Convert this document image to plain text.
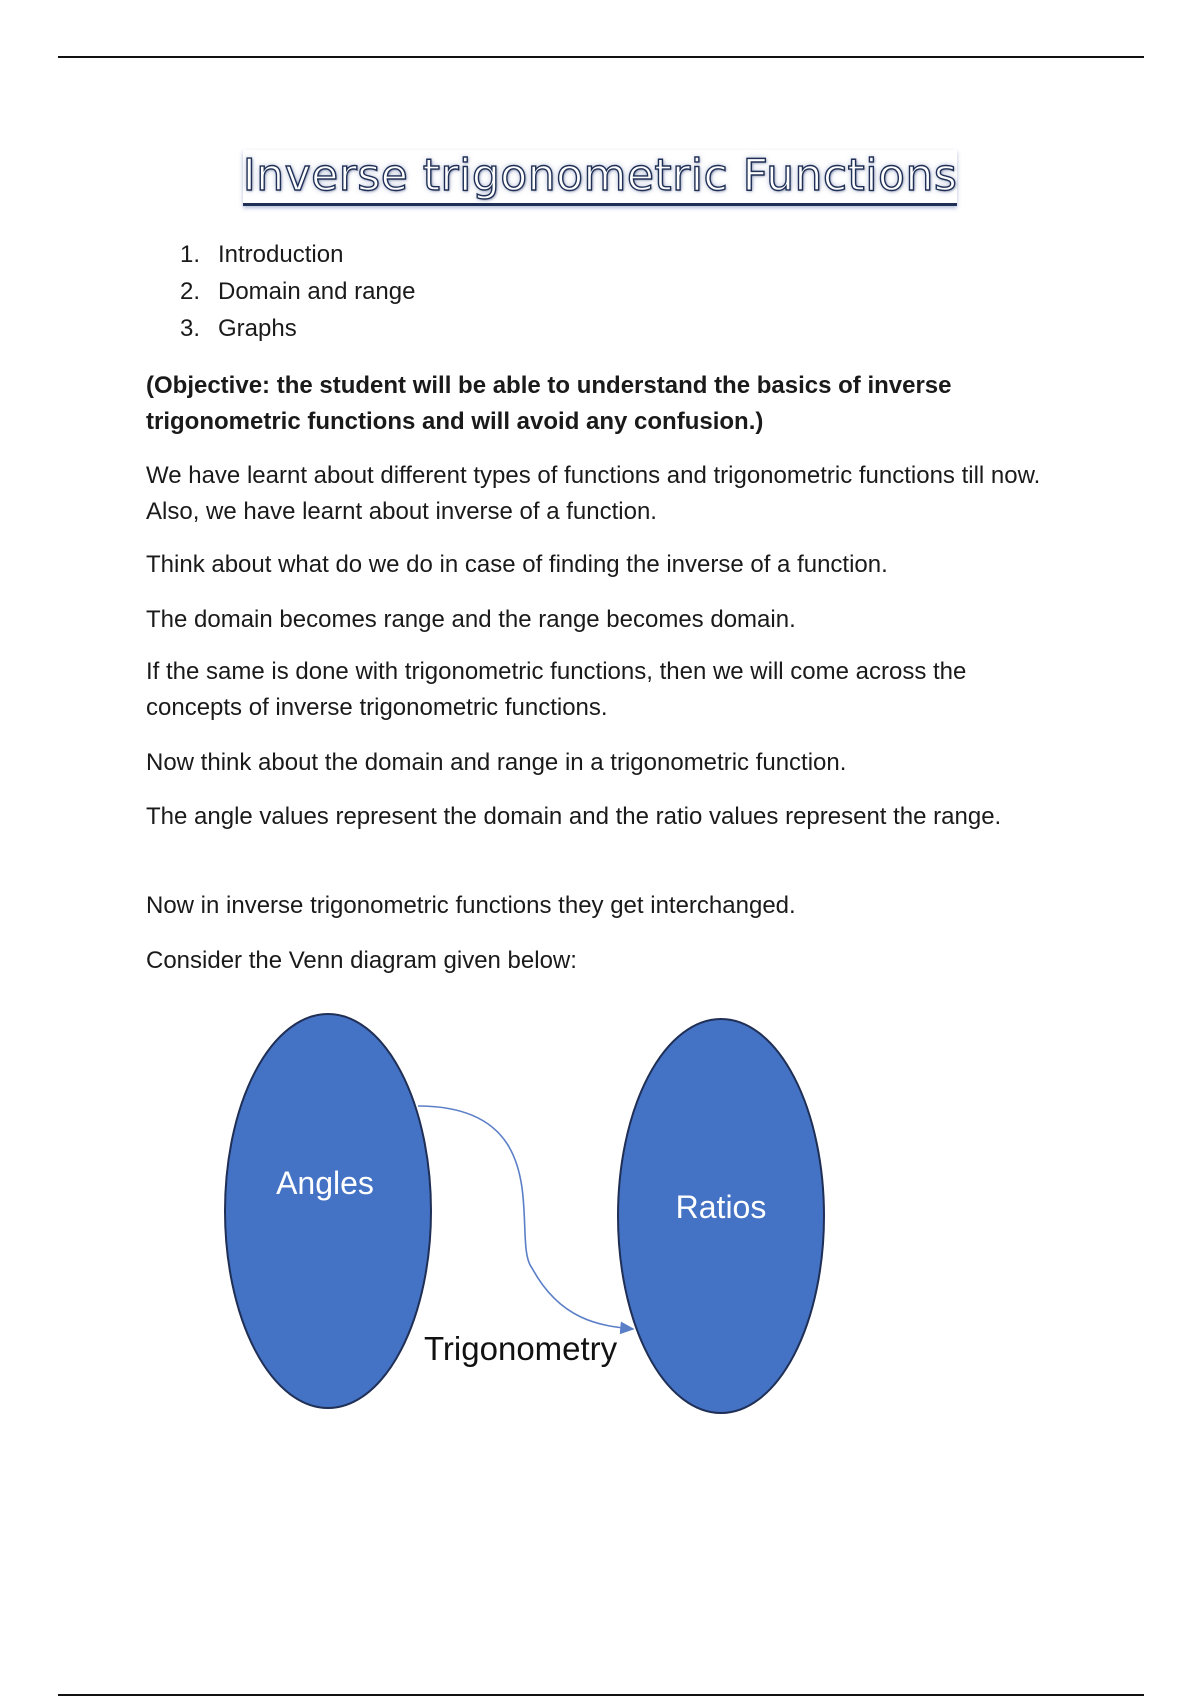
Inverse trigonometric Functions
1. Introduction
2. Domain and range
3. Graphs
(Objective: the student will be able to understand the basics of inverse trigonometric functions and will avoid any confusion.)
We have learnt about different types of functions and trigonometric functions till now. Also, we have learnt about inverse of a function.
Think about what do we do in case of finding the inverse of a function.
The domain becomes range and the range becomes domain.
If the same is done with trigonometric functions, then we will come across the concepts of inverse trigonometric functions.
Now think about the domain and range in a trigonometric function.
The angle values represent the domain and the ratio values represent the range.
Now in inverse trigonometric functions they get interchanged.
Consider the Venn diagram given below:
Angles
Ratios
Trigonometry
